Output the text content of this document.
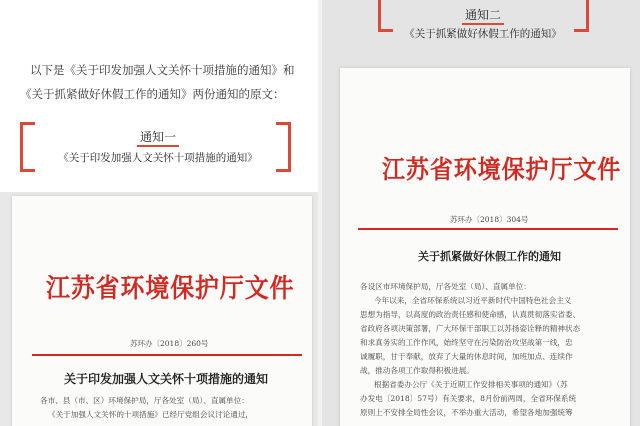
以下是《关于印发加强人文关怀十项措施的通知》和
《关于抓紧做好休假工作的通知》两份通知的原文：
通知一
《关于印发加强人文关怀十项措施的通知》
江苏省环境保护厅文件
苏环办〔2018〕260号
关于印发加强人文关怀十项措施的通知
各市、县（市、区）环境保护局，厅各处室（局）、直属单位：
《关于加强人文关怀的十项措施》已经厅党组会议讨论通过，
通知二
《关于抓紧做好休假工作的通知》
江苏省环境保护厅文件
苏环办〔2018〕304号
关于抓紧做好休假工作的通知
各设区市环境保护局，厅各处室（局）、直属单位：
今年以来，全省环保系统以习近平新时代中国特色社会主义
思想为指导，以高度的政治责任感和使命感，认真贯彻落实省委、
省政府各项决策部署，广大环保干部职工以苏扬姿诠释的精神状态
和求真务实的工作作风，始终坚守在污染防治攻坚战第一线，忠
诚履职，甘于奉献，放弃了大量的休息时间，加班加点、连续作
战，推动各项工作取得积极进展。
根据省委办公厅《关于近期工作安排相关事项的通知》（苏
办发电〔2018〕57号）有关要求，8月份前两周，全省环保系统
原则上不安排全局性会议，不举办重大活动，希望各地加强统筹
